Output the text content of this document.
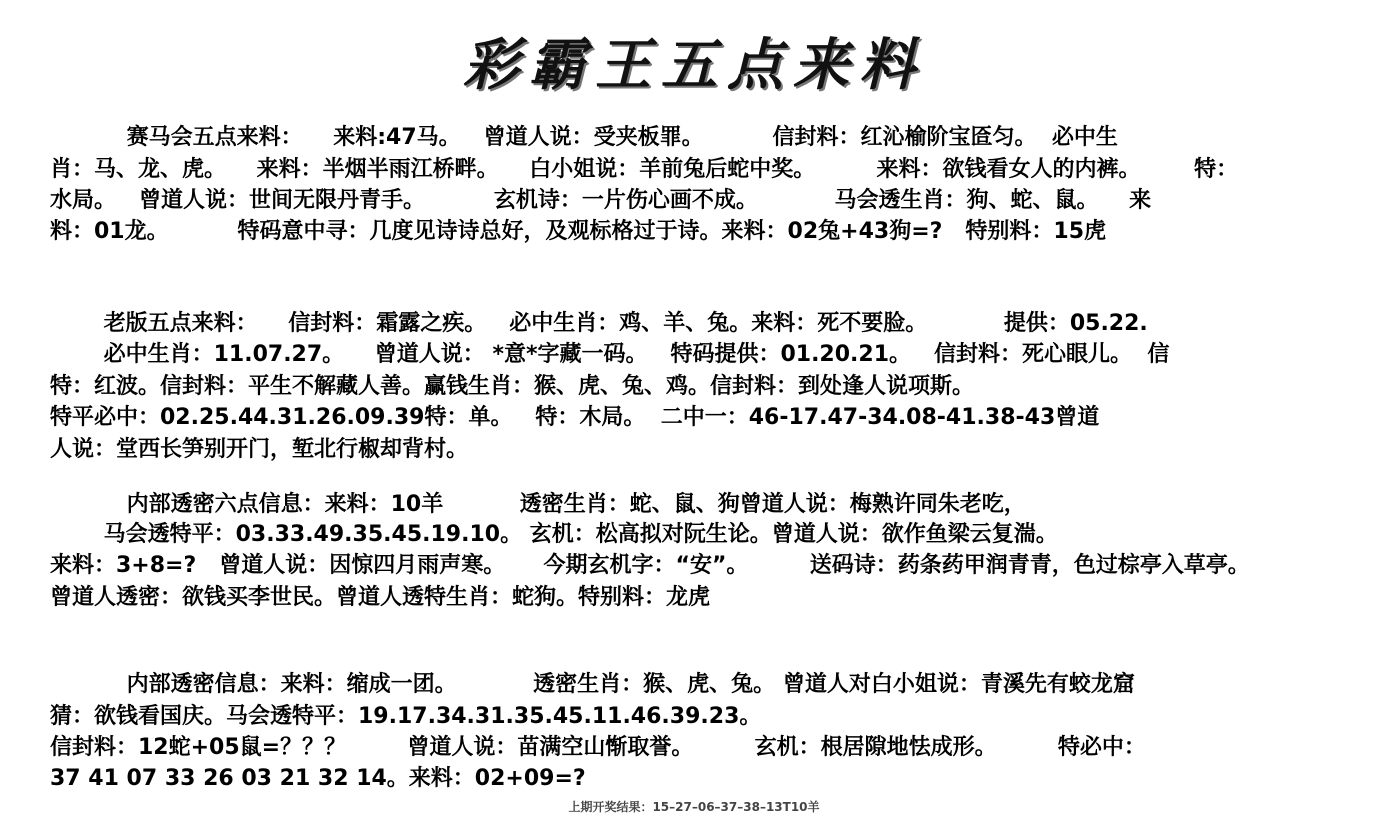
彩霸王五点来料
赛马会五点来料：    来料:47马。   曾道人说：受夹板罪。         信封料：红沁榆阶宝匼匀。  必中生
肖：马、龙、虎。    来料：半烟半雨江桥畔。    白小姐说：羊前兔后蛇中奖。        来料：欲钱看女人的内裤。       特：
水局。   曾道人说：世间无限丹青手。         玄机诗：一片伤心画不成。          马会透生肖：狗、蛇、鼠。    来
料：01龙。         特码意中寻：几度见诗诗总好，及观标格过于诗。来料：02兔+43狗=?   特别料：15虎
老版五点来料：    信封料：霜露之疾。   必中生肖：鸡、羊、兔。来料：死不要脸。          提供：05.22.
必中生肖：11.07.27。    曾道人说： *意*字藏一码。   特码提供：01.20.21。   信封料：死心眼儿。  信
特：红波。信封料：平生不解藏人善。赢钱生肖：猴、虎、兔、鸡。信封料：到处逢人说项斯。
特平必中：02.25.44.31.26.09.39特：单。   特：木局。  二中一：46-17.47-34.08-41.38-43曾道
人说：堂西长笋别开门，堑北行椒却背村。
内部透密六点信息：来料：10羊          透密生肖：蛇、鼠、狗曾道人说：梅熟许同朱老吃，
马会透特平：03.33.49.35.45.19.10。 玄机：松高拟对阮生论。曾道人说：欲作鱼梁云复湍。
来料：3+8=?   曾道人说：因惊四月雨声寒。     今期玄机字：“安”。        送码诗：药条药甲润青青，色过棕亭入草亭。
曾道人透密：欲钱买李世民。曾道人透特生肖：蛇狗。特别料：龙虎
内部透密信息：来料：缩成一团。          透密生肖：猴、虎、兔。 曾道人对白小姐说：青溪先有蛟龙窟
猜：欲钱看国庆。马会透特平：19.17.34.31.35.45.11.46.39.23。
信封料：12蛇+05鼠=？？？        曾道人说：苗满空山惭取誉。        玄机：根居隙地怯成形。        特必中：
37 41 07 33 26 03 21 32 14。来料：02+09=?
上期开奖结果：15–27–06–37–38–13T10羊
